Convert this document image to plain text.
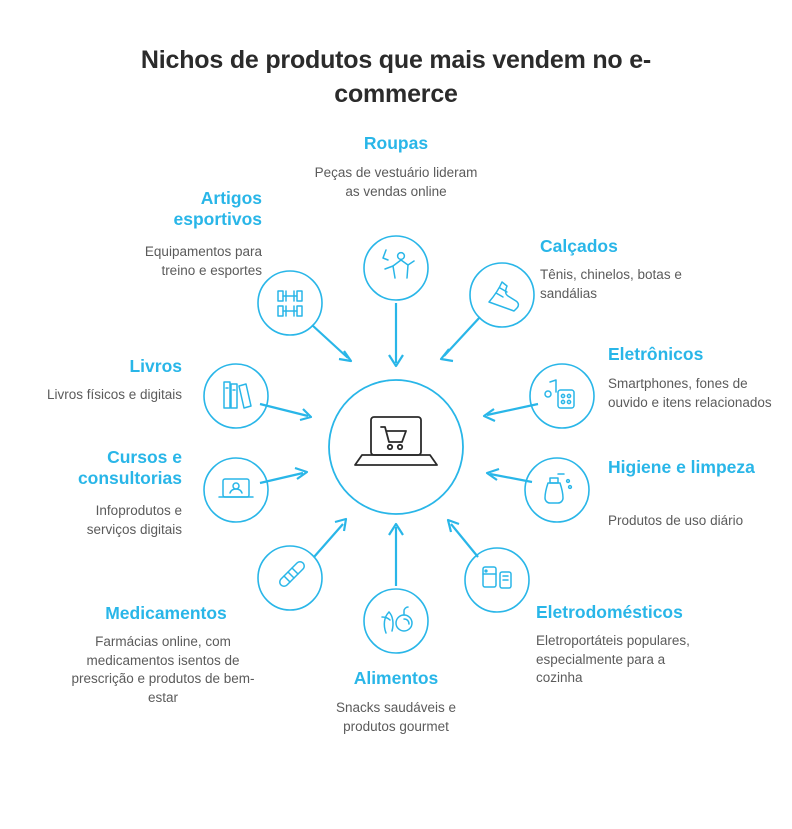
Nichos de produtos que mais vendem no e-commerce
Roupas
Peças de vestuário lideram as vendas online
Calçados
Tênis, chinelos, botas e sandálias
Eletrônicos
Smartphones, fones de ouvido e itens relacionados
Higiene e limpeza
Produtos de uso diário
Eletrodomésticos
Eletroportáteis populares, especialmente para a cozinha
Alimentos
Snacks saudáveis e produtos gourmet
Medicamentos
Farmácias online, com medicamentos isentos de prescrição e produtos de bem-estar
Cursos e consultorias
Infoprodutos e serviços digitais
Livros
Livros físicos e digitais
Artigos esportivos
Equipamentos para treino e esportes
